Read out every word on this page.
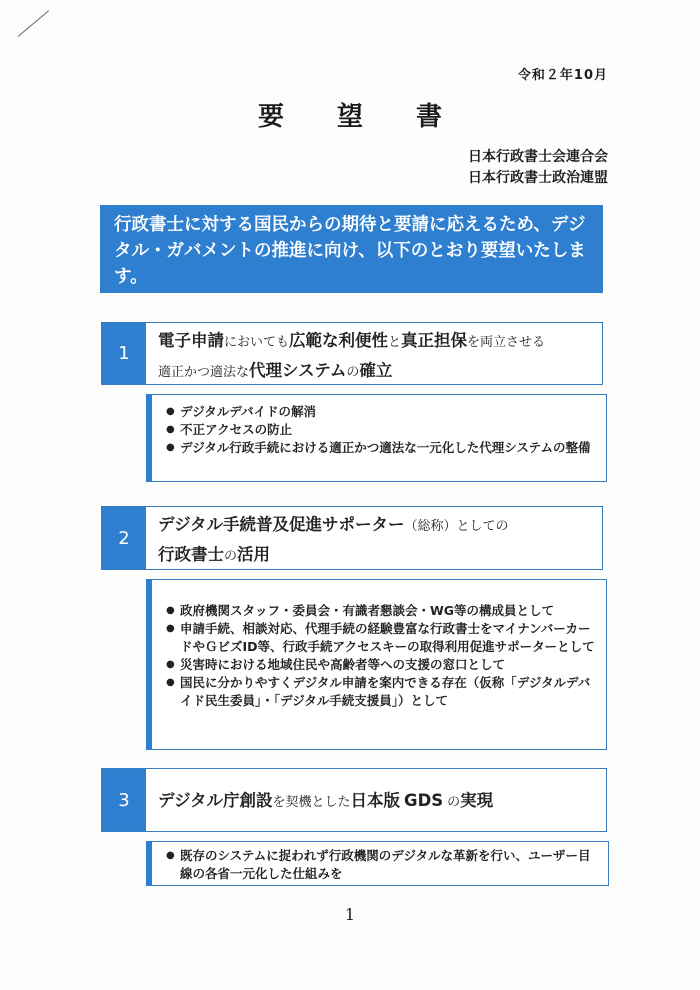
令和２年10月
要 望 書
日本行政書士会連合会
日本行政書士政治連盟
行政書士に対する国民からの期待と要請に応えるため、デジタル・ガバメントの推進に向け、以下のとおり要望いたします。
1
電子申請においても広範な利便性と真正担保を両立させる
適正かつ適法な代理システムの確立
● デジタルデバイドの解消
● 不正アクセスの防止
● デジタル行政手続における適正かつ適法な一元化した代理システムの整備
2
デジタル手続普及促進サポーター（総称）としての
行政書士の活用
● 政府機関スタッフ・委員会・有識者懇談会・WG等の構成員として
● 申請手続、相談対応、代理手続の経験豊富な行政書士をマイナンバーカードやＧビズID等、行政手続アクセスキーの取得利用促進サポーターとして
● 災害時における地域住民や高齢者等への支援の窓口として
● 国民に分かりやすくデジタル申請を案内できる存在（仮称「デジタルデバイド民生委員」・「デジタル手続支援員」）として
3	デジタル庁創設を契機とした日本版 GDS の実現
● 既存のシステムに捉われず行政機関のデジタルな革新を行い、ユーザー目線の各省一元化した仕組みを
1
